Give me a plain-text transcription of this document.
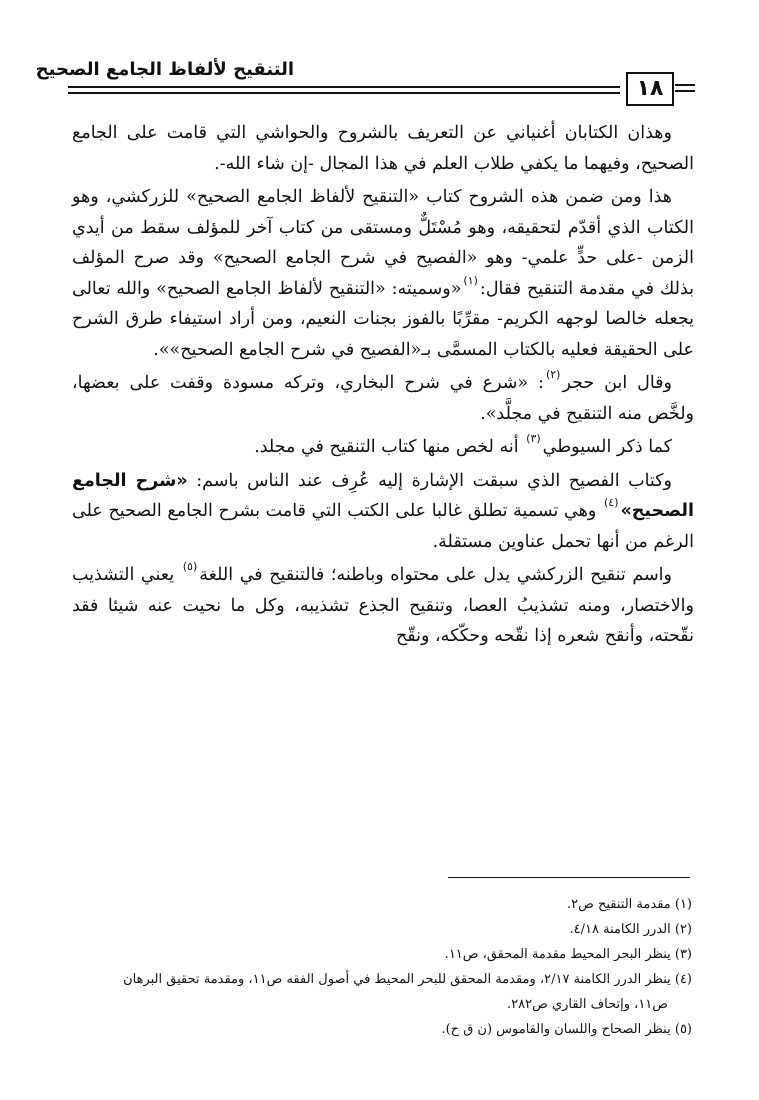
التنقيح لألفاظ الجامع الصحيح
١٨

وهذان الكتابان أغنياني عن التعريف بالشروح والحواشي التي قامت على الجامع الصحيح، وفيهما ما يكفي طلاب العلم في هذا المجال -إن شاء الله-.

هذا ومن ضمن هذه الشروح كتاب «التنقيح لألفاظ الجامع الصحيح» للزركشي، وهو الكتاب الذي أقدّم لتحقيقه، وهو مُسْتَلٌّ ومستقى من كتاب آخر للمؤلف سقط من أيدي الزمن -على حدٍّ علمي- وهو «الفصيح في شرح الجامع الصحيح» وقد صرح المؤلف بذلك في مقدمة التنقيح فقال:$^{(١)}$«وسميته: «التنقيح لألفاظ الجامع الصحيح» والله تعالى يجعله خالصا لوجهه الكريم- مقرِّبًا بالفوز بجنات النعيم، ومن أراد استيفاء طرق الشرح على الحقيقة فعليه بالكتاب المسمَّى بـ«الفصيح في شرح الجامع الصحيح»».

وقال ابن حجر$^{(٢)}$: «شرع في شرح البخاري، وتركه مسودة وقفت على بعضها، ولخَّص منه التنقيح في مجلَّد».

كما ذكر السيوطي$^{(٣)}$ أنه لخص منها كتاب التنقيح في مجلد.

وكتاب الفصيح الذي سبقت الإشارة إليه عُرِف عند الناس باسم: «شرح الجامع الصحيح»$^{(٤)}$ وهي تسمية تطلق غالبا على الكتب التي قامت بشرح الجامع الصحيح على الرغم من أنها تحمل عناوين مستقلة.

واسم تنقيح الزركشي يدل على محتواه وباطنه؛ فالتنقيح في اللغة$^{(٥)}$ يعني التشذيب والاختصار، ومنه تشذيبُ العصا، وتنقيح الجذع تشذيبه، وكل ما نحيت عنه شيئا فقد نقّحته، وأنقح شعره إذا نقّحه وحكّكه، ونقّح

(١) مقدمة التنقيح ص٢.
(٢) الدرر الكامنة ٤/١٨.
(٣) ينظر البحر المحيط مقدمة المحقق، ص١١.
(٤) ينظر الدرر الكامنة ٢/١٧، ومقدمة المحقق للبحر المحيط في أصول الفقه ص١١، ومقدمة تحقيق البرهان
ص١١، وإتحاف القاري ص٢٨٢.
(٥) ينظر الصحاح واللسان والقاموس (ن ق ح).
